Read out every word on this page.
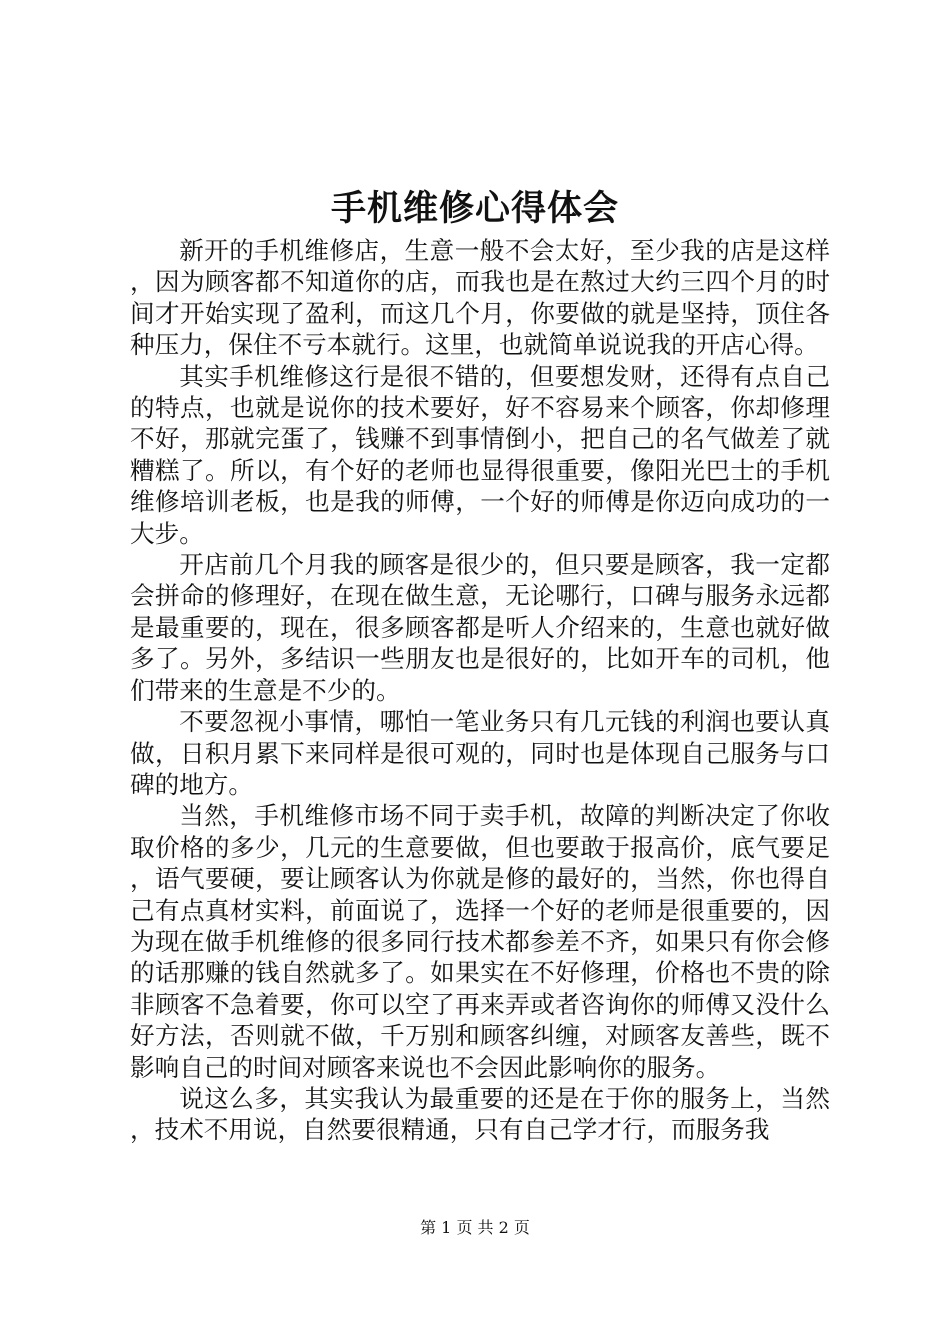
手机维修心得体会

新开的手机维修店，生意一般不会太好，至少我的店是这样，因为顾客都不知道你的店，而我也是在熬过大约三四个月的时间才开始实现了盈利，而这几个月，你要做的就是坚持，顶住各种压力，保住不亏本就行。这里，也就简单说说我的开店心得。

其实手机维修这行是很不错的，但要想发财，还得有点自己的特点，也就是说你的技术要好，好不容易来个顾客，你却修理不好，那就完蛋了，钱赚不到事情倒小，把自己的名气做差了就糟糕了。所以，有个好的老师也显得很重要，像阳光巴士的手机维修培训老板，也是我的师傅，一个好的师傅是你迈向成功的一大步。

开店前几个月我的顾客是很少的，但只要是顾客，我一定都会拼命的修理好，在现在做生意，无论哪行，口碑与服务永远都是最重要的，现在，很多顾客都是听人介绍来的，生意也就好做多了。另外，多结识一些朋友也是很好的，比如开车的司机，他们带来的生意是不少的。

不要忽视小事情，哪怕一笔业务只有几元钱的利润也要认真做，日积月累下来同样是很可观的，同时也是体现自己服务与口碑的地方。

当然，手机维修市场不同于卖手机，故障的判断决定了你收取价格的多少，几元的生意要做，但也要敢于报高价，底气要足，语气要硬，要让顾客认为你就是修的最好的，当然，你也得自己有点真材实料，前面说了，选择一个好的老师是很重要的，因为现在做手机维修的很多同行技术都参差不齐，如果只有你会修的话那赚的钱自然就多了。如果实在不好修理，价格也不贵的除非顾客不急着要，你可以空了再来弄或者咨询你的师傅又没什么好方法，否则就不做，千万别和顾客纠缠，对顾客友善些，既不影响自己的时间对顾客来说也不会因此影响你的服务。

说这么多，其实我认为最重要的还是在于你的服务上，当然，技术不用说，自然要很精通，只有自己学才行，而服务我

第 1 页 共 2 页
